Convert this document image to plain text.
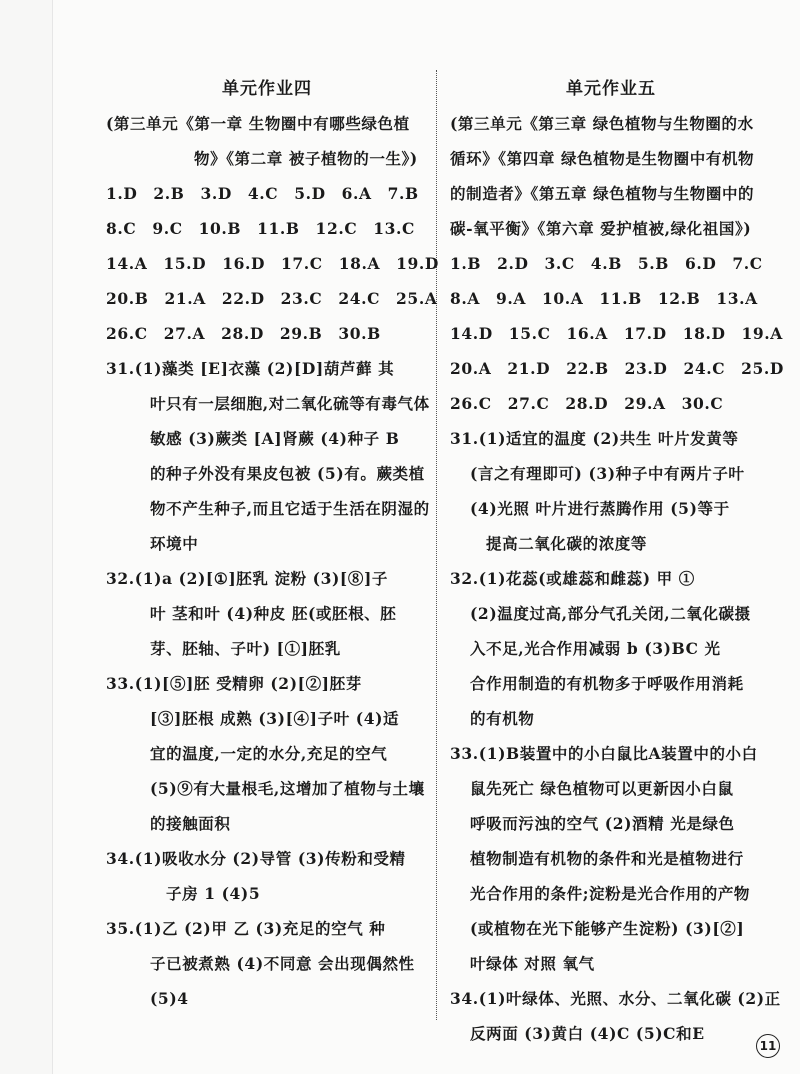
单元作业四
(第三单元《第一章 生物圈中有哪些绿色植
物》《第二章 被子植物的一生》)
1.D 2.B 3.D 4.C 5.D 6.A 7.B
8.C 9.C 10.B 11.B 12.C 13.C
14.A 15.D 16.D 17.C 18.A 19.D
20.B 21.A 22.D 23.C 24.C 25.A
26.C 27.A 28.D 29.B 30.B
31.(1)藻类 [E]衣藻 (2)[D]葫芦藓 其
叶只有一层细胞,对二氧化硫等有毒气体
敏感 (3)蕨类 [A]肾蕨 (4)种子 B
的种子外没有果皮包被 (5)有。蕨类植
物不产生种子,而且它适于生活在阴湿的
环境中
32.(1)a (2)[①]胚乳 淀粉 (3)[⑧]子
叶 茎和叶 (4)种皮 胚(或胚根、胚
芽、胚轴、子叶) [①]胚乳
33.(1)[⑤]胚 受精卵 (2)[②]胚芽
[③]胚根 成熟 (3)[④]子叶 (4)适
宜的温度,一定的水分,充足的空气
(5)⑨有大量根毛,这增加了植物与土壤
的接触面积
34.(1)吸收水分 (2)导管 (3)传粉和受精
子房 1 (4)5
35.(1)乙 (2)甲 乙 (3)充足的空气 种
子已被煮熟 (4)不同意 会出现偶然性
(5)4
单元作业五
(第三单元《第三章 绿色植物与生物圈的水
循环》《第四章 绿色植物是生物圈中有机物
的制造者》《第五章 绿色植物与生物圈中的
碳-氧平衡》《第六章 爱护植被,绿化祖国》)
1.B 2.D 3.C 4.B 5.B 6.D 7.C
8.A 9.A 10.A 11.B 12.B 13.A
14.D 15.C 16.A 17.D 18.D 19.A
20.A 21.D 22.B 23.D 24.C 25.D
26.C 27.C 28.D 29.A 30.C
31.(1)适宜的温度 (2)共生 叶片发黄等
(言之有理即可) (3)种子中有两片子叶
(4)光照 叶片进行蒸腾作用 (5)等于
提高二氧化碳的浓度等
32.(1)花蕊(或雄蕊和雌蕊) 甲 ①
(2)温度过高,部分气孔关闭,二氧化碳摄
入不足,光合作用减弱 b (3)BC 光
合作用制造的有机物多于呼吸作用消耗
的有机物
33.(1)B装置中的小白鼠比A装置中的小白
鼠先死亡 绿色植物可以更新因小白鼠
呼吸而污浊的空气 (2)酒精 光是绿色
植物制造有机物的条件和光是植物进行
光合作用的条件;淀粉是光合作用的产物
(或植物在光下能够产生淀粉) (3)[②]
叶绿体 对照 氧气
34.(1)叶绿体、光照、水分、二氧化碳 (2)正
反两面 (3)黄白 (4)C (5)C和E
11
